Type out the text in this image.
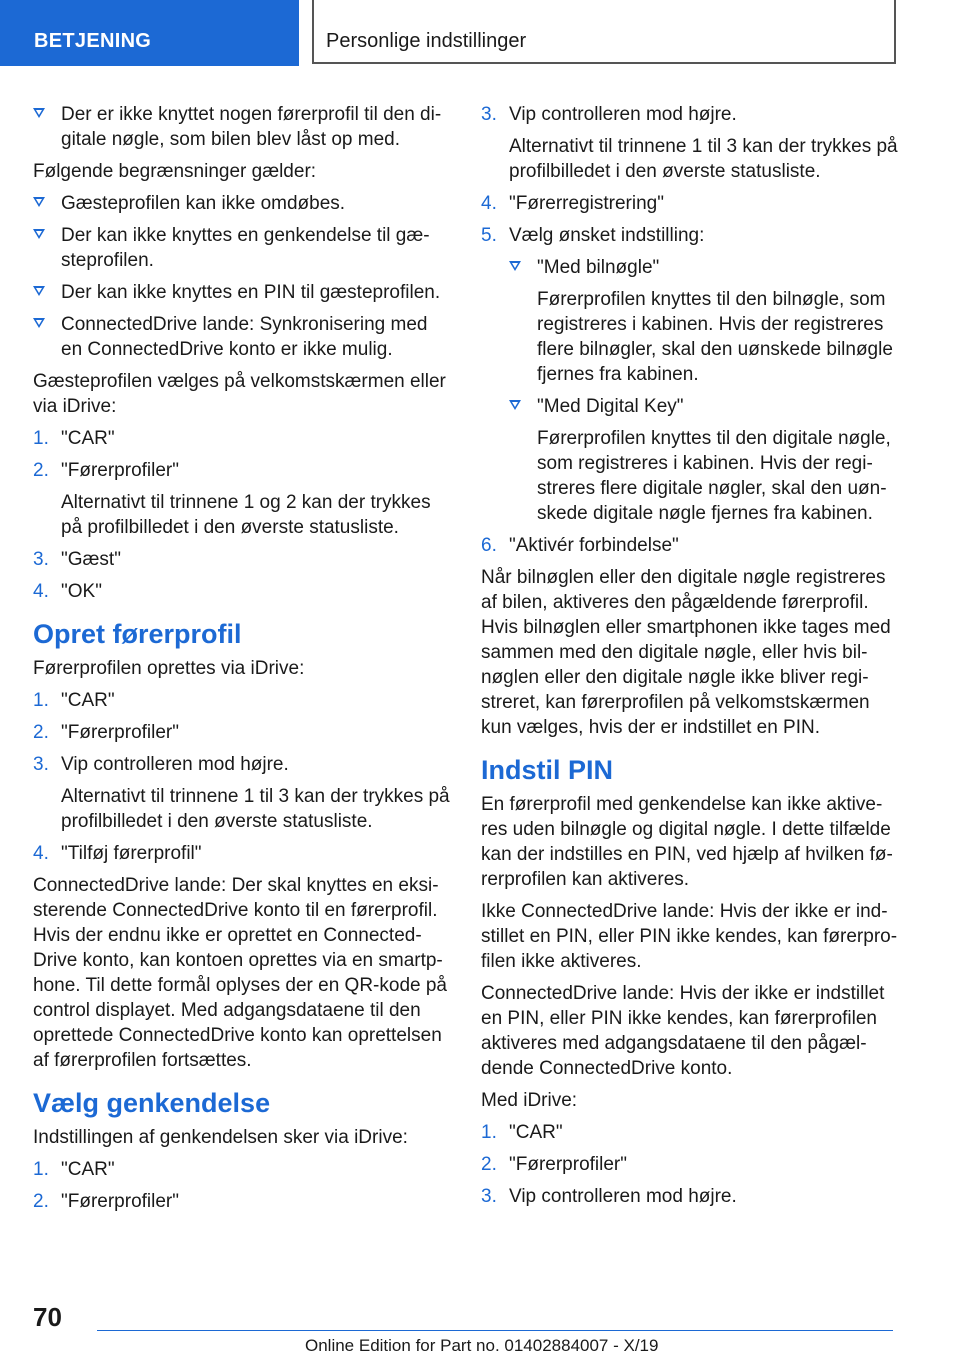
BETJENING	Personlige indstillinger
Der er ikke knyttet nogen førerprofil til den di-gitale nøgle, som bilen blev låst op med.

Følgende begrænsninger gælder:

Gæsteprofilen kan ikke omdøbes.
Der kan ikke knyttes en genkendelse til gæ-steprofilen.
Der kan ikke knyttes en PIN til gæsteprofilen.
ConnectedDrive lande: Synkronisering med en ConnectedDrive konto er ikke mulig.

Gæsteprofilen vælges på velkomstskærmen eller via iDrive:

1. "CAR"
2. "Førerprofiler"
Alternativt til trinnene 1 og 2 kan der trykkes på profilbilledet i den øverste statusliste.
3. "Gæst"
4. "OK"
Opret førerprofil

Førerprofilen oprettes via iDrive:

1. "CAR"
2. "Førerprofiler"
3. Vip controlleren mod højre.
Alternativt til trinnene 1 til 3 kan der trykkes på profilbilledet i den øverste statusliste.
4. "Tilføj førerprofil"

ConnectedDrive lande: Der skal knyttes en eksi-sterende ConnectedDrive konto til en førerprofil. Hvis der endnu ikke er oprettet en Connected-Drive konto, kan kontoen oprettes via en smartp-hone. Til dette formål oplyses der en QR-kode på control displayet. Med adgangsdataene til den oprettede ConnectedDrive konto kan oprettelsen af førerprofilen fortsættes.

Vælg genkendelse

Indstillingen af genkendelsen sker via iDrive:

1. "CAR"
2. "Førerprofiler"
3. Vip controlleren mod højre.
Alternativt til trinnene 1 til 3 kan der trykkes på profilbilledet i den øverste statusliste.
4. "Førerregistrering"
5. Vælg ønsket indstilling:
"Med bilnøgle"
Førerprofilen knyttes til den bilnøgle, som registreres i kabinen. Hvis der registreres flere bilnøgler, skal den uønskede bilnøgle fjernes fra kabinen.
"Med Digital Key"
Førerprofilen knyttes til den digitale nøgle, som registreres i kabinen. Hvis der regi-streres flere digitale nøgler, skal den uøn-skede digitale nøgle fjernes fra kabinen.
6. "Aktivér forbindelse"

Når bilnøglen eller den digitale nøgle registreres af bilen, aktiveres den pågældende førerprofil. Hvis bilnøglen eller smartphonen ikke tages med sammen med den digitale nøgle, eller hvis bil-nøglen eller den digitale nøgle ikke bliver regi-streret, kan førerprofilen på velkomstskærmen kun vælges, hvis der er indstillet en PIN.

Indstil PIN

En førerprofil med genkendelse kan ikke aktive-res uden bilnøgle og digital nøgle. I dette tilfælde kan der indstilles en PIN, ved hjælp af hvilken fø-rerprofilen kan aktiveres.

Ikke ConnectedDrive lande: Hvis der ikke er ind-stillet en PIN, eller PIN ikke kendes, kan førerpro-filen ikke aktiveres.

ConnectedDrive lande: Hvis der ikke er indstillet en PIN, eller PIN ikke kendes, kan førerprofilen aktiveres med adgangsdataene til den pågæl-dende ConnectedDrive konto.

Med iDrive:

1. "CAR"
2. "Førerprofiler"
3. Vip controlleren mod højre.
70
Online Edition for Part no. 01402884007 - X/19
